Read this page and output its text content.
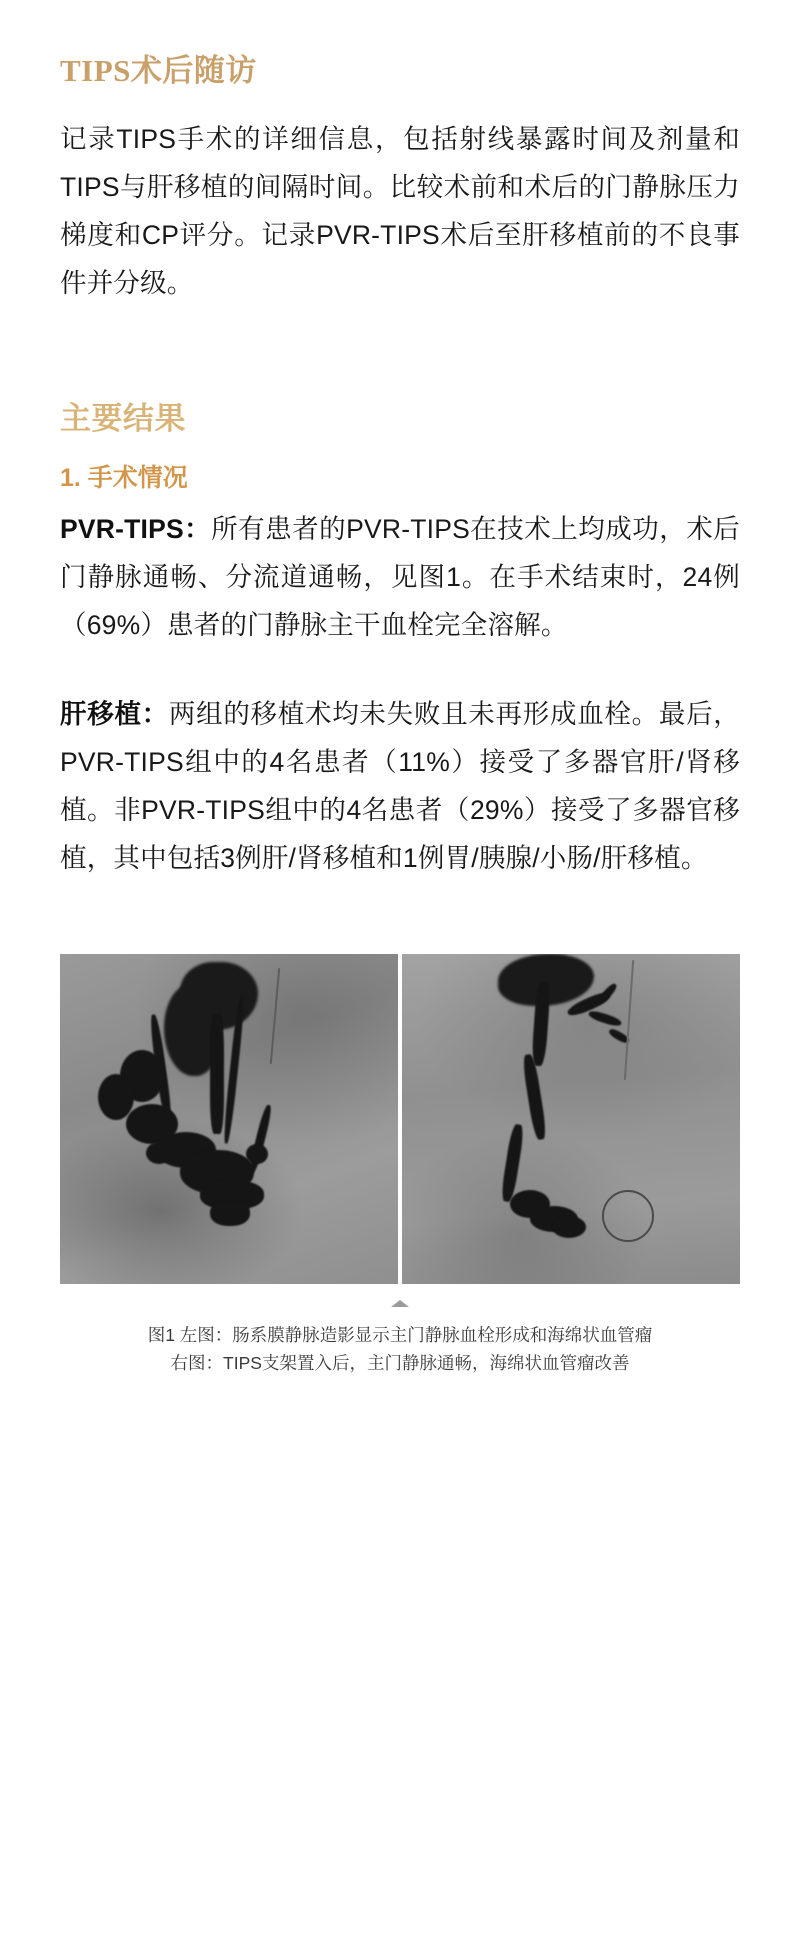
TIPS术后随访

记录TIPS手术的详细信息，包括射线暴露时间及剂量和TIPS与肝移植的间隔时间。比较术前和术后的门静脉压力梯度和CP评分。记录PVR-TIPS术后至肝移植前的不良事件并分级。

主要结果
1. 手术情况

PVR-TIPS：所有患者的PVR-TIPS在技术上均成功，术后门静脉通畅、分流道通畅，见图1。在手术结束时，24例（69%）患者的门静脉主干血栓完全溶解。

肝移植：两组的移植术均未失败且未再形成血栓。最后，PVR-TIPS组中的4名患者（11%）接受了多器官肝/肾移植。非PVR-TIPS组中的4名患者（29%）接受了多器官移植，其中包括3例肝/肾移植和1例胃/胰腺/小肠/肝移植。

图1 左图：肠系膜静脉造影显示主门静脉血栓形成和海绵状血管瘤
右图：TIPS支架置入后，主门静脉通畅，海绵状血管瘤改善
